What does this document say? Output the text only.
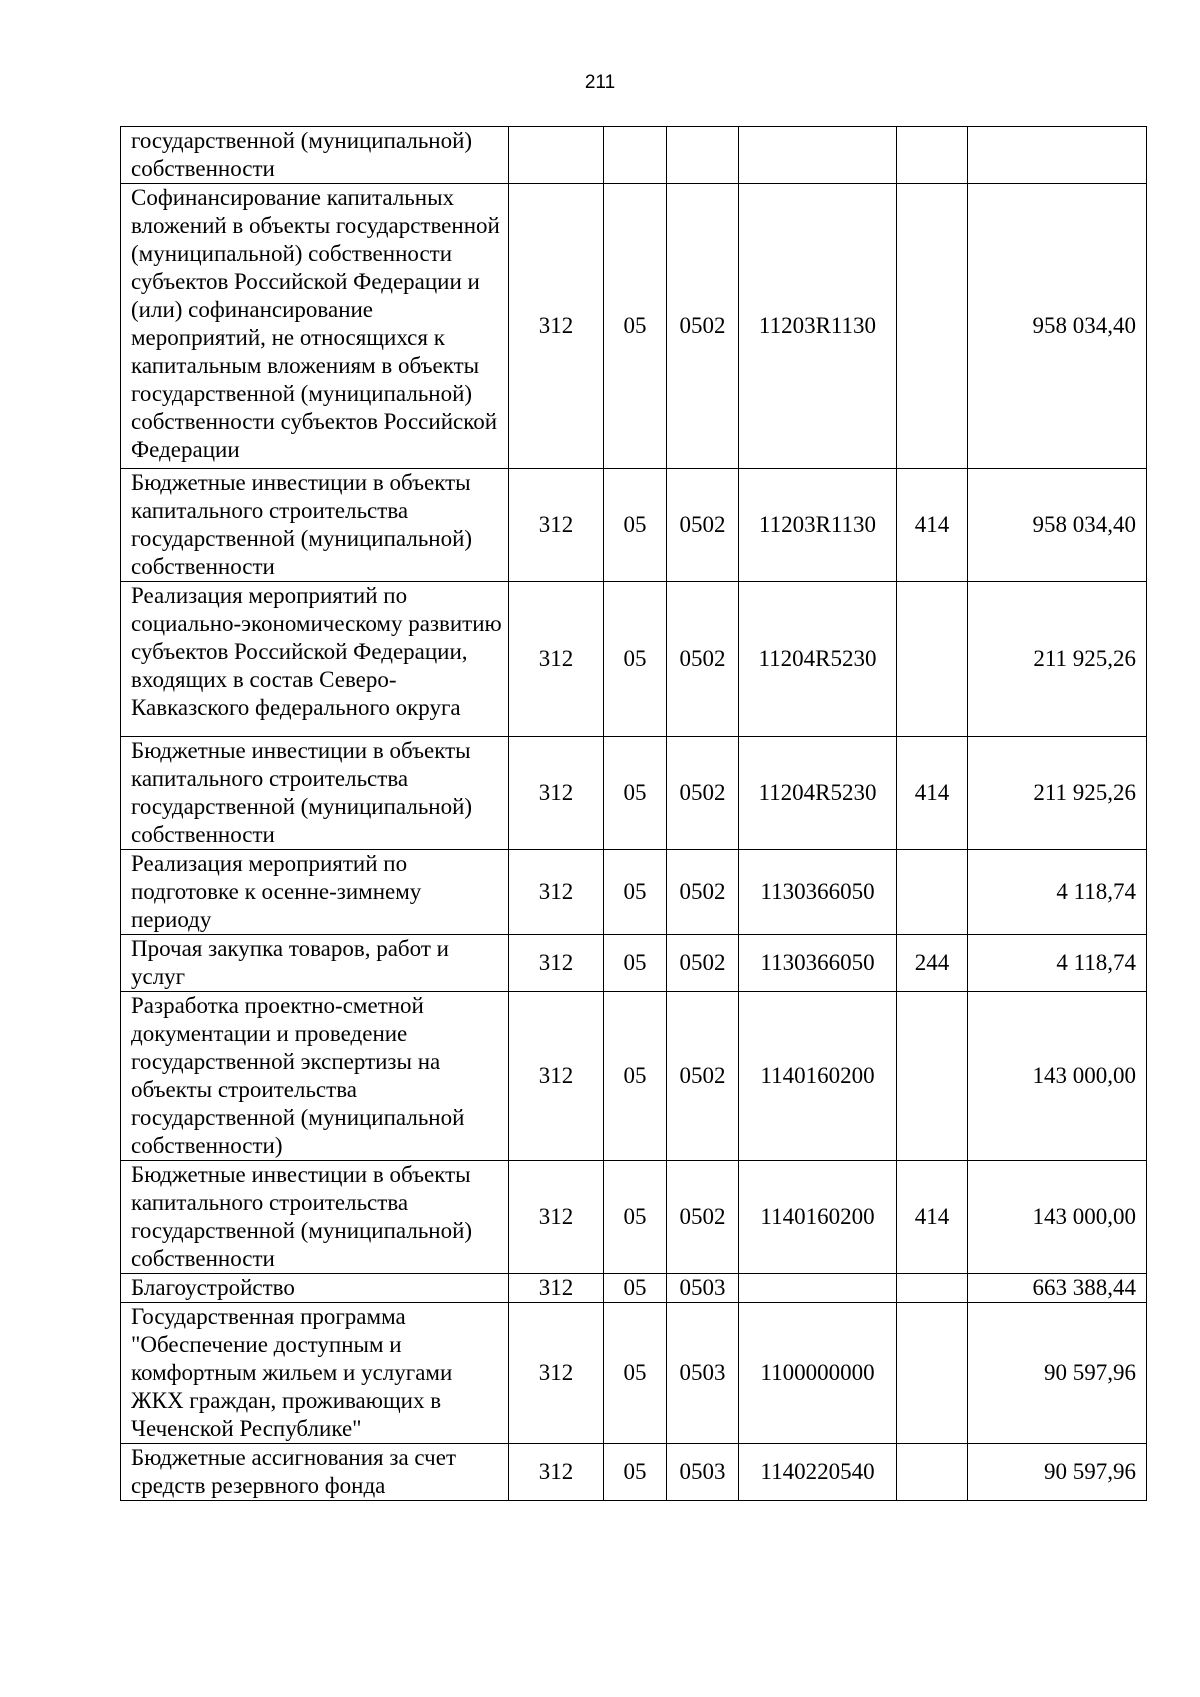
211
государственной (муниципальной) собственности						

Софинансирование капитальных вложений в объекты государственной (муниципальной) собственности субъектов Российской Федерации и (или) софинансирование мероприятий, не относящихся к капитальным вложениям в объекты государственной (муниципальной) собственности субъектов Российской Федерации	312	05	0502	11203R1130		958 034,40

Бюджетные инвестиции в объекты капитального строительства государственной (муниципальной) собственности	312	05	0502	11203R1130	414	958 034,40

Реализация мероприятий по социально-экономическому развитию субъектов Российской Федерации, входящих в состав Северо-Кавказского федерального округа	312	05	0502	11204R5230		211 925,26

Бюджетные инвестиции в объекты капитального строительства государственной (муниципальной) собственности	312	05	0502	11204R5230	414	211 925,26

Реализация мероприятий по подготовке к осенне-зимнему периоду	312	05	0502	1130366050		4 118,74

Прочая закупка товаров, работ и услуг	312	05	0502	1130366050	244	4 118,74

Разработка проектно-сметной документации и проведение государственной экспертизы на объекты строительства государственной (муниципальной собственности)	312	05	0502	1140160200		143 000,00

Бюджетные инвестиции в объекты капитального строительства государственной (муниципальной) собственности	312	05	0502	1140160200	414	143 000,00

Благоустройство	312	05	0503			663 388,44

Государственная программа "Обеспечение доступным и комфортным жильем и услугами ЖКХ граждан, проживающих в Чеченской Республике"	312	05	0503	1100000000		90 597,96

Бюджетные ассигнования за счет средств резервного фонда	312	05	0503	1140220540		90 597,96
